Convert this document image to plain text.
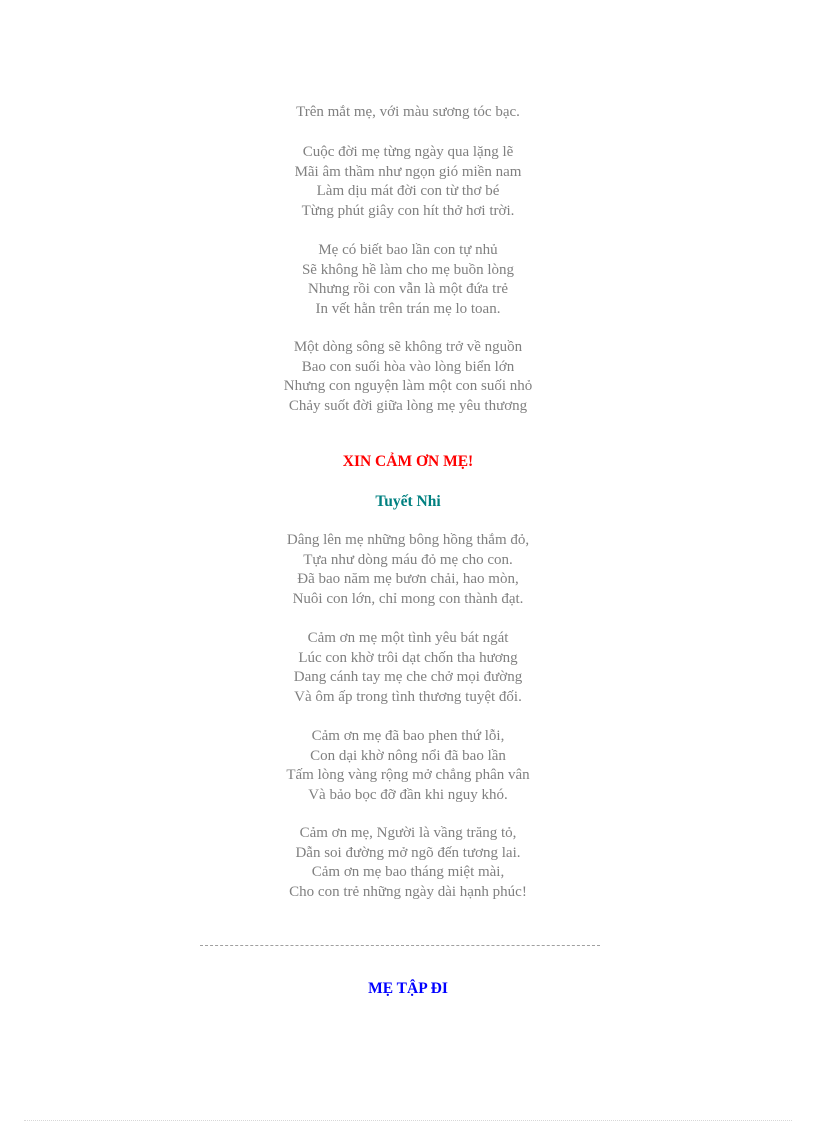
Trên mắt mẹ, với màu sương tóc bạc.
Cuộc đời mẹ từng ngày qua lặng lẽ
Mãi âm thầm như ngọn gió miền nam
Làm dịu mát đời con từ thơ bé
Từng phút giây con hít thở hơi trời.
Mẹ có biết bao lần con tự nhủ
Sẽ không hề làm cho mẹ buồn lòng
Nhưng rồi con vẫn là một đứa trẻ
In vết hằn trên trán mẹ lo toan.
Một dòng sông sẽ không trở về nguồn
Bao con suối hòa vào lòng biển lớn
Nhưng con nguyện làm một con suối nhỏ
Chảy suốt đời giữa lòng mẹ yêu thương
XIN CẢM ƠN MẸ!
Tuyết Nhi
Dâng lên mẹ những bông hồng thắm đỏ,
Tựa như dòng máu đỏ mẹ cho con.
Đã bao năm mẹ bươn chải, hao mòn,
Nuôi con lớn, chỉ mong con thành đạt.
Cảm ơn mẹ một tình yêu bát ngát
Lúc con khờ trôi dạt chốn tha hương
Dang cánh tay mẹ che chở mọi đường
Và ôm ấp trong tình thương tuyệt đối.
Cảm ơn mẹ đã bao phen thứ lỗi,
Con dại khờ nông nổi đã bao lần
Tấm lòng vàng rộng mở chẳng phân vân
Và bảo bọc đỡ đần khi nguy khó.
Cảm ơn mẹ, Người là vầng trăng tỏ,
Dẫn soi đường mở ngõ đến tương lai.
Cảm ơn mẹ bao tháng miệt mài,
Cho con trẻ những ngày dài hạnh phúc!
MẸ TẬP ĐI
